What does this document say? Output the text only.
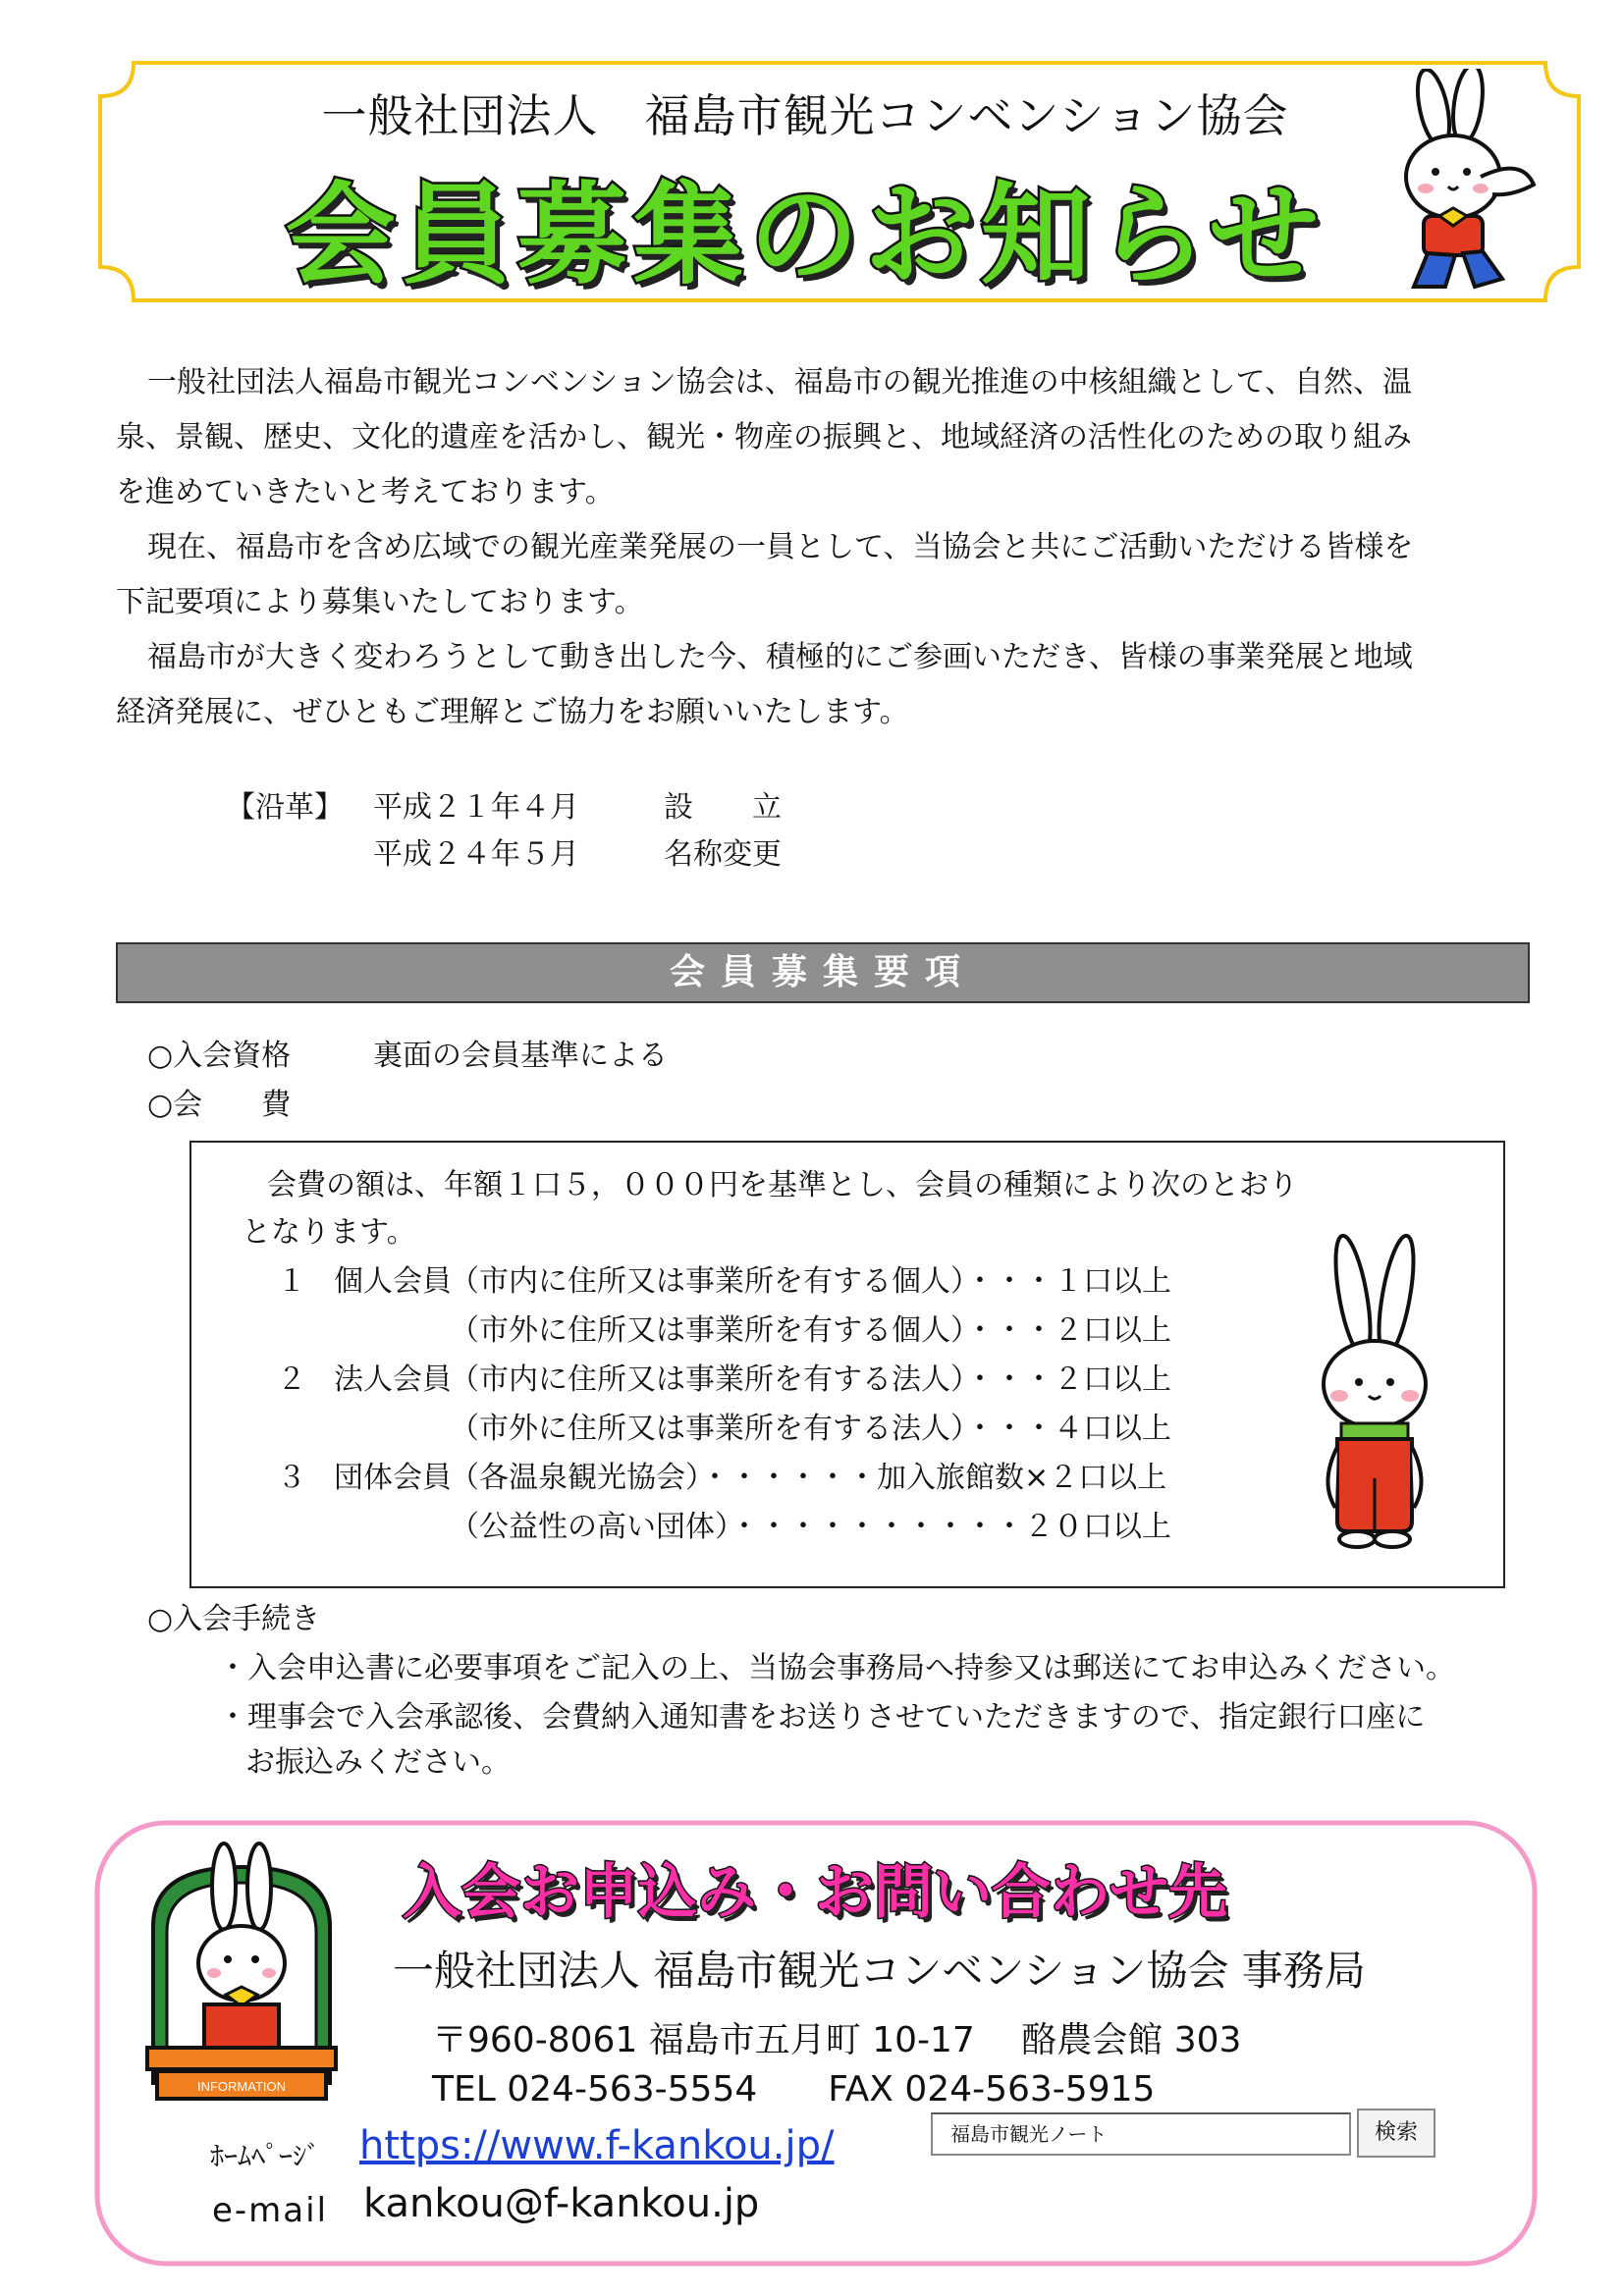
一般社団法人　福島市観光コンベンション協会
会員募集のお知らせ

一般社団法人福島市観光コンベンション協会は、福島市の観光推進の中核組織として、自然、温

泉、景観、歴史、文化的遺産を活かし、観光・物産の振興と、地域経済の活性化のための取り組み

を進めていきたいと考えております。

現在、福島市を含め広域での観光産業発展の一員として、当協会と共にご活動いただける皆様を

下記要項により募集いたしております。

福島市が大きく変わろうとして動き出した今、積極的にご参画いただき、皆様の事業発展と地域

経済発展に、ぜひともご理解とご協力をお願いいたします。

【沿革】 平成２１年４月	設　　立
平成２４年５月	名称変更
会員募集要項
○入会資格	裏面の会員基準による
○会　　費
会費の額は、年額１口５，０００円を基準とし、会員の種類により次のとおり
となります。
１ 個人会員
（市内に住所又は事業所を有する個人）・・・１口以上
（市外に住所又は事業所を有する個人）・・・２口以上
２ 法人会員
（市内に住所又は事業所を有する法人）・・・２口以上
（市外に住所又は事業所を有する法人）・・・４口以上
３ 団体会員
（各温泉観光協会）・・・・・・加入旅館数×２口以上
（公益性の高い団体）・・・・・・・・・・２０口以上
○入会手続き
・入会申込書に必要事項をご記入の上、当協会事務局へ持参又は郵送にてお申込みください。
・理事会で入会承認後、会費納入通知書をお送りさせていただきますので、指定銀行口座に
お振込みください。
入会お申込み・お問い合わせ先
一般社団法人 福島市観光コンベンション協会 事務局
〒960-8061 福島市五月町 10-17　 酪農会館 303
TEL 024-563-5554　　FAX 024-563-5915
INFORMATION
ﾎｰﾑﾍﾟｰｼﾞ https://www.f-kankou.jp/
e-mail kankou@f-kankou.jp
福島市観光ノート	検索
